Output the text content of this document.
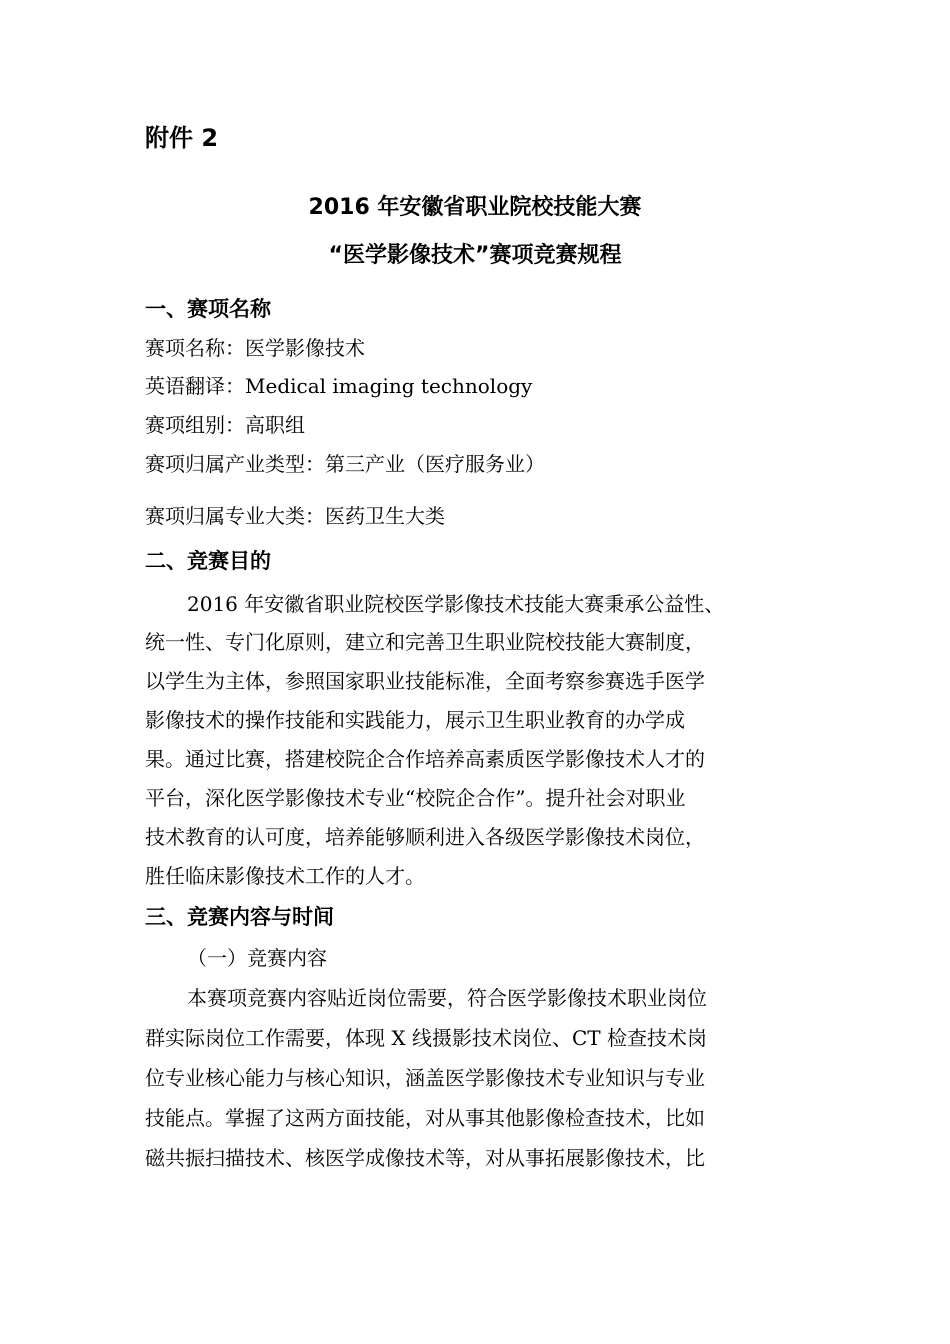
附件 2
2016 年安徽省职业院校技能大赛
“医学影像技术”赛项竞赛规程
一、赛项名称
赛项名称：医学影像技术
英语翻译：Medical imaging technology
赛项组别：高职组
赛项归属产业类型：第三产业（医疗服务业）
赛项归属专业大类：医药卫生大类
二、竞赛目的
2016 年安徽省职业院校医学影像技术技能大赛秉承公益性、
统一性、专门化原则，建立和完善卫生职业院校技能大赛制度，
以学生为主体，参照国家职业技能标准，全面考察参赛选手医学
影像技术的操作技能和实践能力，展示卫生职业教育的办学成
果。通过比赛，搭建校院企合作培养高素质医学影像技术人才的
平台，深化医学影像技术专业“校院企合作”。提升社会对职业
技术教育的认可度，培养能够顺利进入各级医学影像技术岗位，
胜任临床影像技术工作的人才。
三、竞赛内容与时间
（一）竞赛内容
本赛项竞赛内容贴近岗位需要，符合医学影像技术职业岗位
群实际岗位工作需要，体现 X 线摄影技术岗位、CT 检查技术岗
位专业核心能力与核心知识，涵盖医学影像技术专业知识与专业
技能点。掌握了这两方面技能，对从事其他影像检查技术，比如
磁共振扫描技术、核医学成像技术等，对从事拓展影像技术，比
